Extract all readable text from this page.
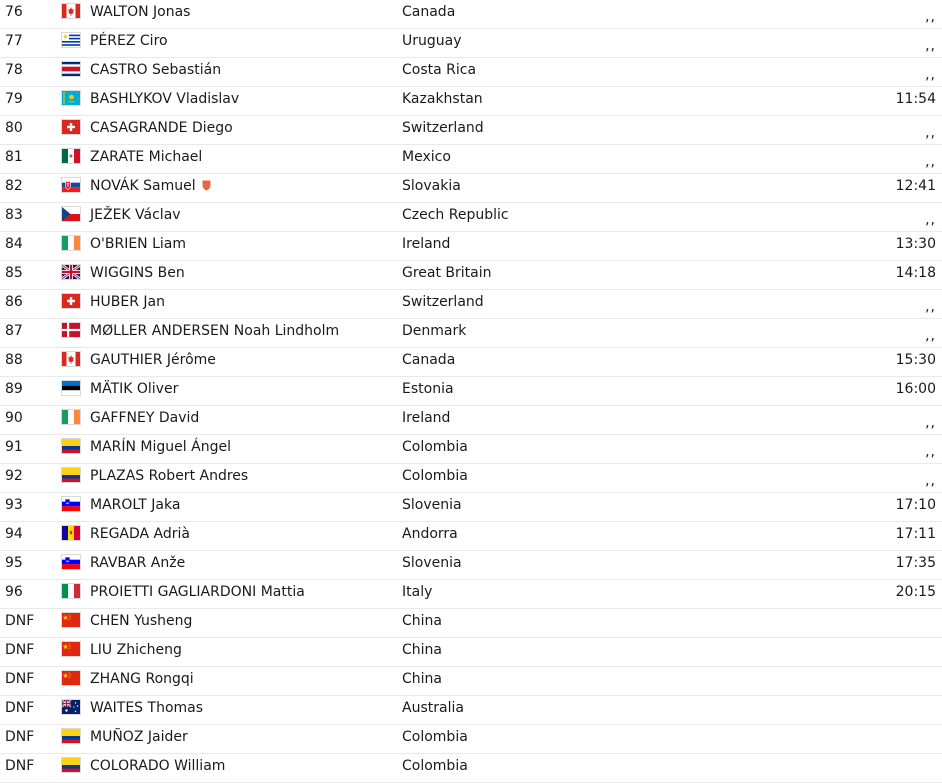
76	WALTON Jonas	Canada	,,
77	PÉREZ Ciro	Uruguay	,,
78	CASTRO Sebastián	Costa Rica	,,
79	BASHLYKOV Vladislav	Kazakhstan	11:54
80	CASAGRANDE Diego	Switzerland	,,
81	ZARATE Michael	Mexico	,,
82	NOVÁK Samuel	Slovakia	12:41
83	JEŽEK Václav	Czech Republic	,,
84	O'BRIEN Liam	Ireland	13:30
85	WIGGINS Ben	Great Britain	14:18
86	HUBER Jan	Switzerland	,,
87	MØLLER ANDERSEN Noah Lindholm	Denmark	,,
88	GAUTHIER Jérôme	Canada	15:30
89	MÄTIK Oliver	Estonia	16:00
90	GAFFNEY David	Ireland	,,
91	MARÍN Miguel Ángel	Colombia	,,
92	PLAZAS Robert Andres	Colombia	,,
93	MAROLT Jaka	Slovenia	17:10
94	REGADA Adrià	Andorra	17:11
95	RAVBAR Anže	Slovenia	17:35
96	PROIETTI GAGLIARDONI Mattia	Italy	20:15
DNF	CHEN Yusheng	China
DNF	LIU Zhicheng	China
DNF	ZHANG Rongqi	China
DNF	WAITES Thomas	Australia
DNF	MUÑOZ Jaider	Colombia
DNF	COLORADO William	Colombia
